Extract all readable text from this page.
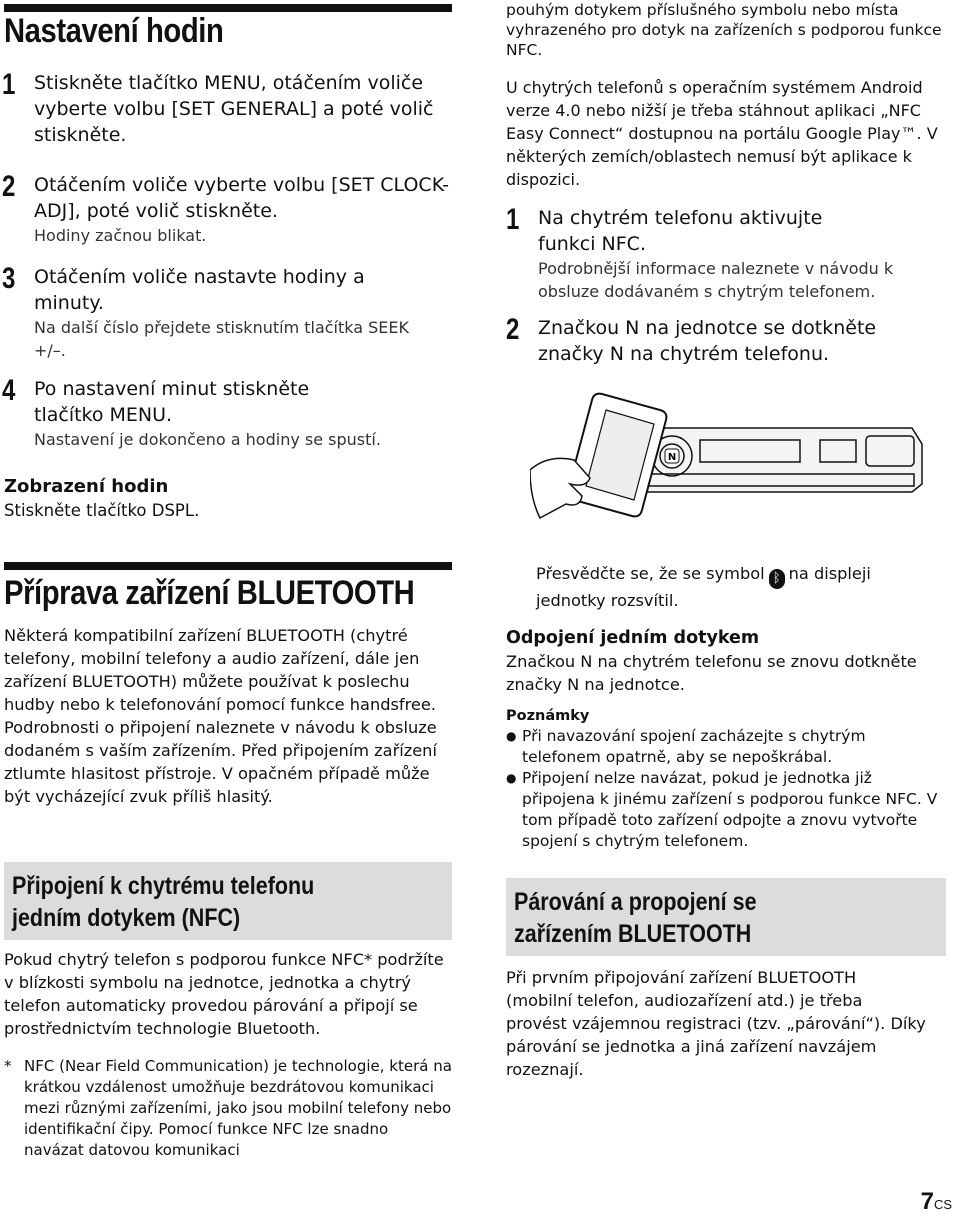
Nastavení hodin
1 Stiskněte tlačítko MENU, otáčením voliče vyberte volbu [SET GENERAL] a poté volič stiskněte.
2 Otáčením voliče vyberte volbu [SET CLOCK-ADJ], poté volič stiskněte.
Hodiny začnou blikat.
3 Otáčením voliče nastavte hodiny a minuty.
Na další číslo přejdete stisknutím tlačítka SEEK +/–.
4 Po nastavení minut stiskněte tlačítko MENU.
Nastavení je dokončeno a hodiny se spustí.
Zobrazení hodin
Stiskněte tlačítko DSPL.
pouhým dotykem příslušného symbolu nebo místa vyhrazeného pro dotyk na zařízeních s podporou funkce NFC.
U chytrých telefonů s operačním systémem Android verze 4.0 nebo nižší je třeba stáhnout aplikaci „NFC Easy Connect“ dostupnou na portálu Google Play™. V některých zemích/oblastech nemusí být aplikace k dispozici.
1 Na chytrém telefonu aktivujte funkci NFC.
Podrobnější informace naleznete v návodu k obsluze dodávaném s chytrým telefonem.
2 Značkou N na jednotce se dotkněte značky N na chytrém telefonu.
N
Příprava zařízení BLUETOOTH
Některá kompatibilní zařízení BLUETOOTH (chytré telefony, mobilní telefony a audio zařízení, dále jen zařízení BLUETOOTH) můžete používat k poslechu hudby nebo k telefonování pomocí funkce handsfree. Podrobnosti o připojení naleznete v návodu k obsluze dodaném s vaším zařízením. Před připojením zařízení ztlumte hlasitost přístroje. V opačném případě může být vycházející zvuk příliš hlasitý.
Připojení k chytrému telefonu jedním dotykem (NFC)
Pokud chytrý telefon s podporou funkce NFC* podržíte v blízkosti symbolu na jednotce, jednotka a chytrý telefon automaticky provedou párování a připojí se prostřednictvím technologie Bluetooth.
* NFC (Near Field Communication) je technologie, která na krátkou vzdálenost umožňuje bezdrátovou komunikaci mezi různými zařízeními, jako jsou mobilní telefony nebo identifikační čipy. Pomocí funkce NFC lze snadno navázat datovou komunikaci
Přesvědčte se, že se symbol ᛒ na displeji jednotky rozsvítil.
Odpojení jedním dotykem
Značkou N na chytrém telefonu se znovu dotkněte značky N na jednotce.
Poznámky
● Při navazování spojení zacházejte s chytrým telefonem opatrně, aby se nepoškrábal.
● Připojení nelze navázat, pokud je jednotka již připojena k jinému zařízení s podporou funkce NFC. V tom případě toto zařízení odpojte a znovu vytvořte spojení s chytrým telefonem.
Párování a propojení se zařízením BLUETOOTH
Při prvním připojování zařízení BLUETOOTH (mobilní telefon, audiozařízení atd.) je třeba provést vzájemnou registraci (tzv. „párování“). Díky párování se jednotka a jiná zařízení navzájem rozeznají.
7CS
